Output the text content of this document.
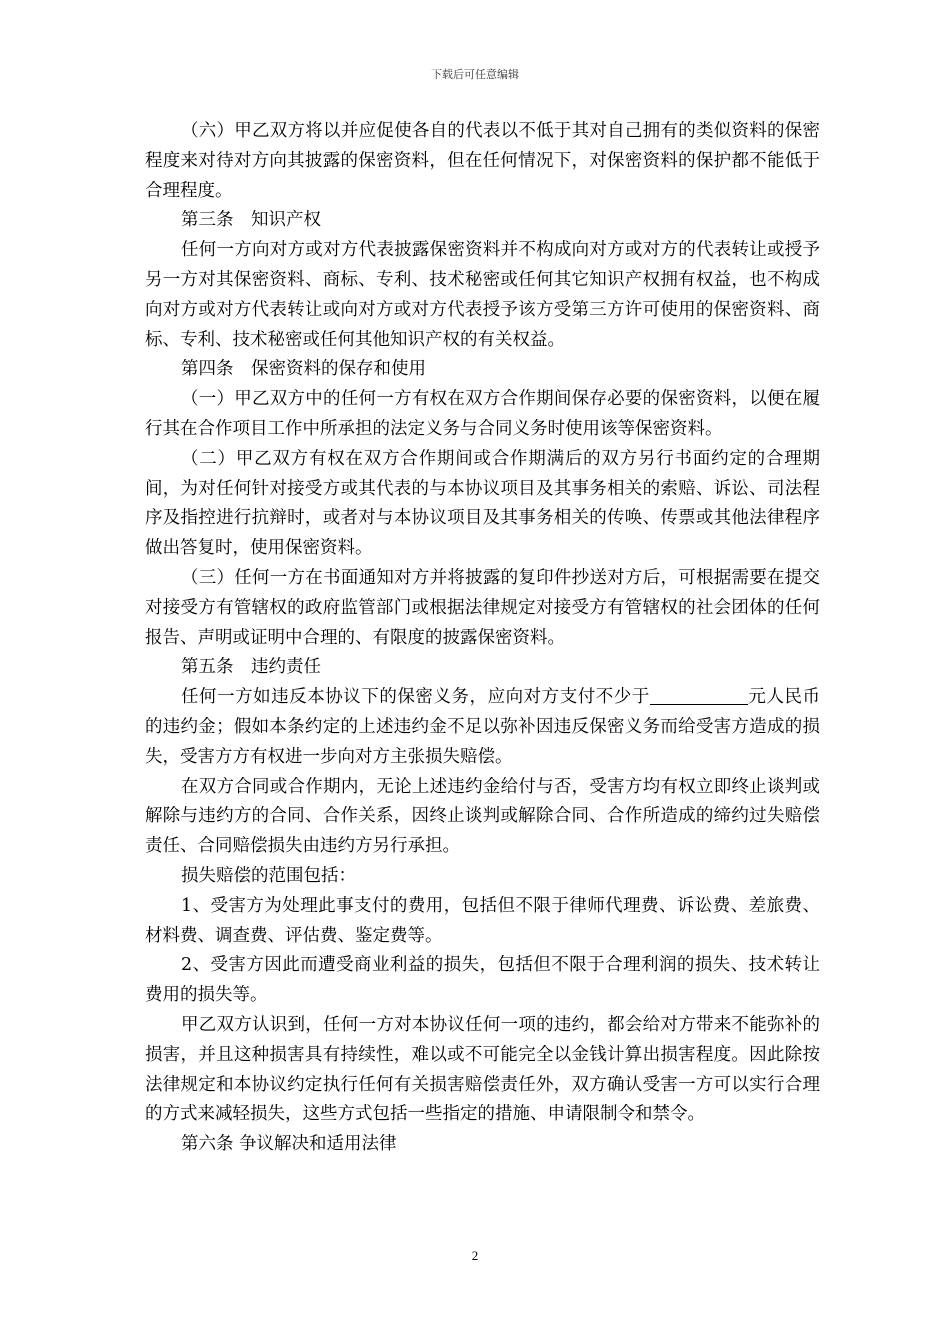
下载后可任意编辑

（六）甲乙双方将以并应促使各自的代表以不低于其对自己拥有的类似资料的保密程度来对待对方向其披露的保密资料，但在任何情况下，对保密资料的保护都不能低于合理程度。

第三条　知识产权

任何一方向对方或对方代表披露保密资料并不构成向对方或对方的代表转让或授予另一方对其保密资料、商标、专利、技术秘密或任何其它知识产权拥有权益，也不构成向对方或对方代表转让或向对方或对方代表授予该方受第三方许可使用的保密资料、商标、专利、技术秘密或任何其他知识产权的有关权益。

第四条　保密资料的保存和使用

（一）甲乙双方中的任何一方有权在双方合作期间保存必要的保密资料，以便在履行其在合作项目工作中所承担的法定义务与合同义务时使用该等保密资料。

（二）甲乙双方有权在双方合作期间或合作期满后的双方另行书面约定的合理期间，为对任何针对接受方或其代表的与本协议项目及其事务相关的索赔、诉讼、司法程序及指控进行抗辩时，或者对与本协议项目及其事务相关的传唤、传票或其他法律程序做出答复时，使用保密资料。

（三）任何一方在书面通知对方并将披露的复印件抄送对方后，可根据需要在提交对接受方有管辖权的政府监管部门或根据法律规定对接受方有管辖权的社会团体的任何报告、声明或证明中合理的、有限度的披露保密资料。

第五条　违约责任

任何一方如违反本协议下的保密义务，应向对方支付不少于	元人民币的违约金；假如本条约定的上述违约金不足以弥补因违反保密义务而给受害方造成的损失，受害方方有权进一步向对方主张损失赔偿。

在双方合同或合作期内，无论上述违约金给付与否，受害方均有权立即终止谈判或解除与违约方的合同、合作关系，因终止谈判或解除合同、合作所造成的缔约过失赔偿责任、合同赔偿损失由违约方另行承担。

损失赔偿的范围包括：

1、受害方为处理此事支付的费用，包括但不限于律师代理费、诉讼费、差旅费、材料费、调查费、评估费、鉴定费等。

2、受害方因此而遭受商业利益的损失，包括但不限于合理利润的损失、技术转让费用的损失等。

甲乙双方认识到，任何一方对本协议任何一项的违约，都会给对方带来不能弥补的损害，并且这种损害具有持续性，难以或不可能完全以金钱计算出损害程度。因此除按法律规定和本协议约定执行任何有关损害赔偿责任外，双方确认受害一方可以实行合理的方式来减轻损失，这些方式包括一些指定的措施、申请限制令和禁令。

第六条 争议解决和适用法律

2
